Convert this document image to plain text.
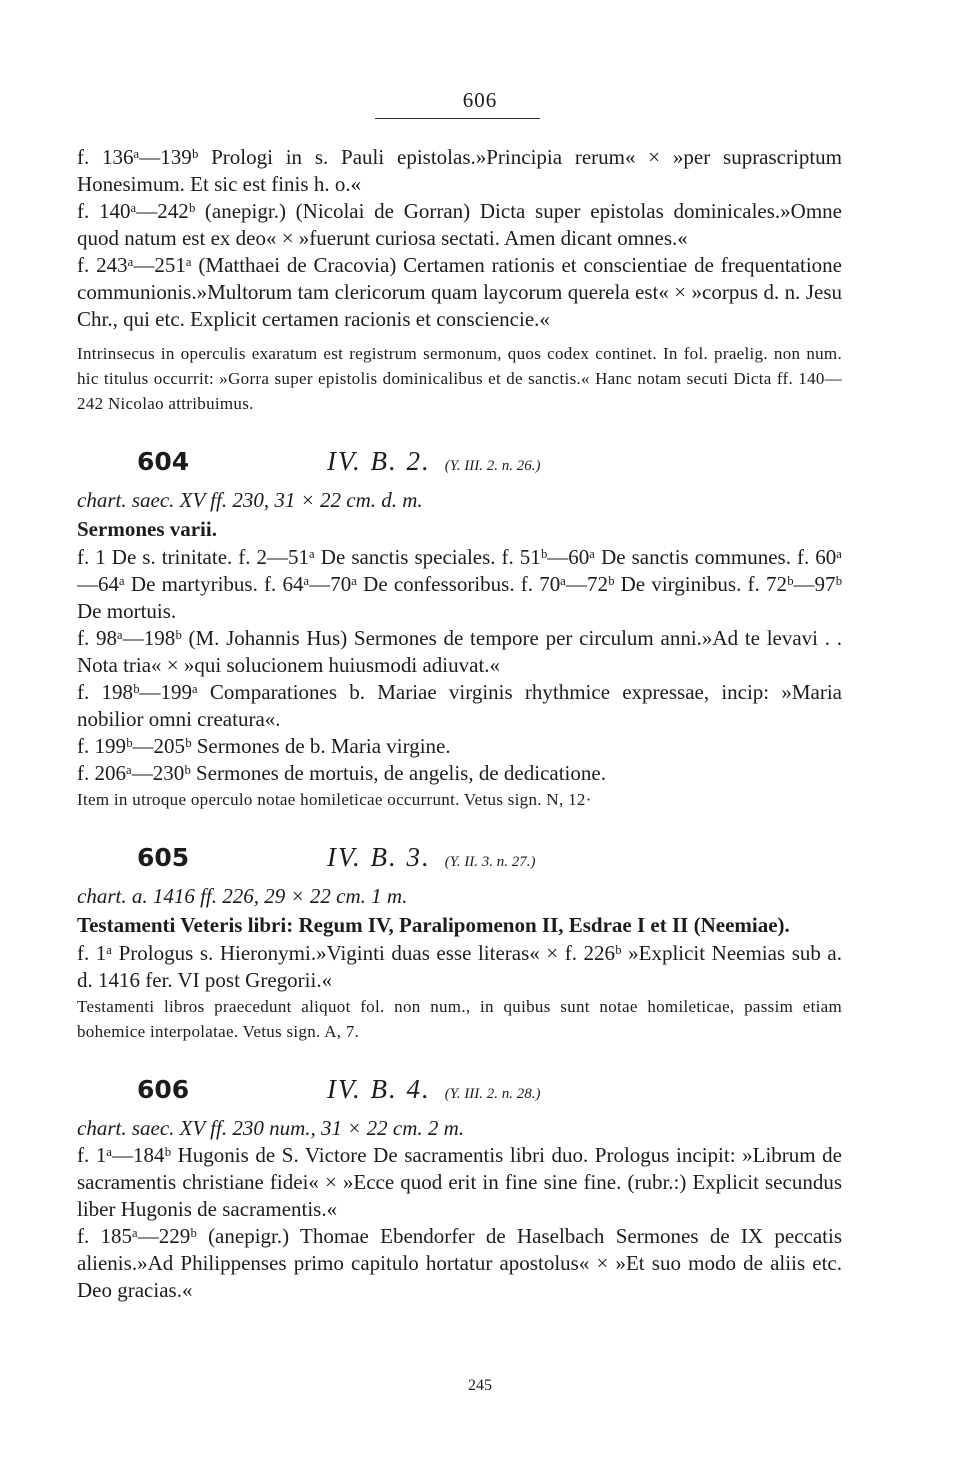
606

f. 136ᵃ—139ᵇ Prologi in s. Pauli epistolas.»Principia rerum« × »per suprascriptum Honesimum. Et sic est finis h. o.«

f. 140ᵃ—242ᵇ (anepigr.) (Nicolai de Gorran) Dicta super epistolas dominicales.»Omne quod natum est ex deo« × »fuerunt curiosa sectati. Amen dicant omnes.«

f. 243ᵃ—251ᵃ (Matthaei de Cracovia) Certamen rationis et conscientiae de frequentatione communionis.»Multorum tam clericorum quam laycorum querela est« × »corpus d. n. Jesu Chr., qui etc. Explicit certamen racionis et consciencie.«

Intrinsecus in operculis exaratum est registrum sermonum, quos codex continet. In fol. praelig. non num. hic titulus occurrit: »Gorra super epistolis dominicalibus et de sanctis.« Hanc notam secuti Dicta ff. 140—242 Nicolao attribuimus.

604	IV. B. 2. (Y. III. 2. n. 26.)

chart. saec. XV ff. 230, 31 × 22 cm. d. m.

Sermones varii.

f. 1 De s. trinitate. f. 2—51ᵃ De sanctis speciales. f. 51ᵇ—60ᵃ De sanctis communes. f. 60ᵃ—64ᵃ De martyribus. f. 64ᵃ—70ᵃ De confessoribus. f. 70ᵃ—72ᵇ De virginibus. f. 72ᵇ—97ᵇ De mortuis.

f. 98ᵃ—198ᵇ (M. Johannis Hus) Sermones de tempore per circulum anni.»Ad te levavi . . Nota tria« × »qui solucionem huiusmodi adiuvat.«

f. 198ᵇ—199ᵃ Comparationes b. Mariae virginis rhythmice expressae, incip: »Maria nobilior omni creatura«.

f. 199ᵇ—205ᵇ Sermones de b. Maria virgine.

f. 206ᵃ—230ᵇ Sermones de mortuis, de angelis, de dedicatione.

Item in utroque operculo notae homileticae occurrunt. Vetus sign. N, 12·

605	IV. B. 3. (Y. II. 3. n. 27.)

chart. a. 1416 ff. 226, 29 × 22 cm. 1 m.

Testamenti Veteris libri: Regum IV, Paralipomenon II, Esdrae I et II (Neemiae).

f. 1ᵃ Prologus s. Hieronymi.»Viginti duas esse literas« × f. 226ᵇ »Explicit Neemias sub a. d. 1416 fer. VI post Gregorii.«

Testamenti libros praecedunt aliquot fol. non num., in quibus sunt notae homileticae, passim etiam bohemice interpolatae. Vetus sign. A, 7.

606	IV. B. 4. (Y. III. 2. n. 28.)

chart. saec. XV ff. 230 num., 31 × 22 cm. 2 m.

f. 1ᵃ—184ᵇ Hugonis de S. Victore De sacramentis libri duo. Prologus incipit: »Librum de sacramentis christiane fidei« × »Ecce quod erit in fine sine fine. (rubr.:) Explicit secundus liber Hugonis de sacramentis.«

f. 185ᵃ—229ᵇ (anepigr.) Thomae Ebendorfer de Haselbach Sermones de IX peccatis alienis.»Ad Philippenses primo capitulo hortatur apostolus« × »Et suo modo de aliis etc. Deo gracias.«

245
